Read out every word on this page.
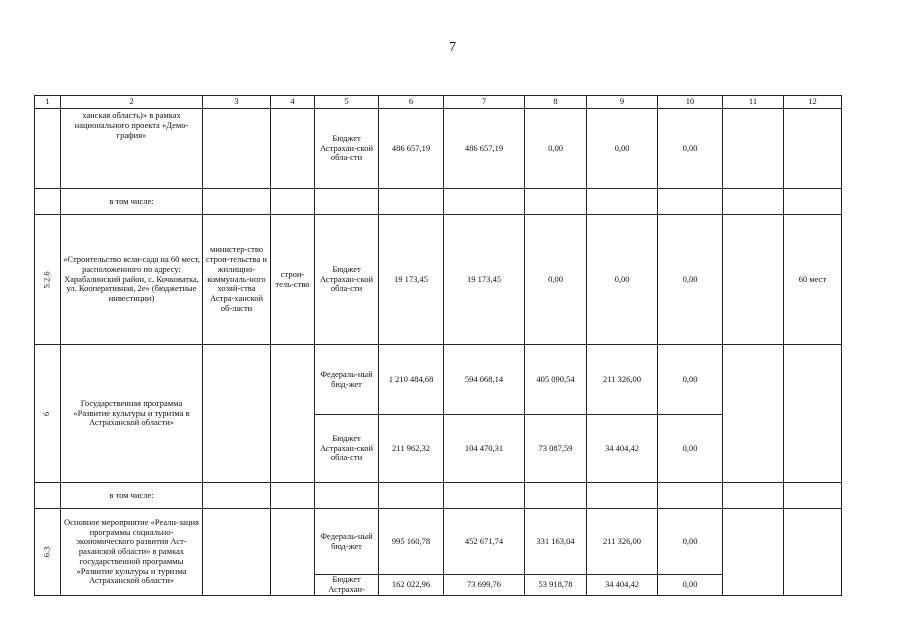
7
1	2	3	4	5	6	7	8	9	10	11	12
	ханская область)» в рамках национального проекта «Демо-графия»			Бюджет Астрахан-ской обла-сти	486 657,19	486 657,19	0,00	0,00	0,00		
	в том числе:										
5.2.6	«Строительство ясли-сада на 60 мест, расположенного по адресу: Харабалинский район, с. Кочковатка, ул. Кооперативная, 2е» (бюджетные инвестиции)	министер-ство строи-тельства и жилищно-коммуналь-ного хозяй-ства Астра-ханской об-ласти	строи-тель-ство	Бюджет Астрахан-ской обла-сти	19 173,45	19 173,45	0,00	0,00	0,00		60 мест
6	Государственная программа «Развитие культуры и туризма в Астраханской области»			Федераль-ный бюд-жет	1 210 484,68	594 068,14	405 090,54	211 326,00	0,00		
				Бюджет Астрахан-ской обла-сти	211 962,32	104 470,31	73 087,59	34 404,42	0,00		
	в том числе:										
6.3	Основное мероприятие «Реали-зация программы социально-экономического развития Аст-раханской области» в рамках государственной программы «Развитие культуры и туризма Астраханской области»			Федераль-ный бюд-жет	995 160,78	452 671,74	331 163,04	211 326,00	0,00		
				Бюджет Астрахан-	162 022,96	73 699,76	53 918,78	34 404,42	0,00		
